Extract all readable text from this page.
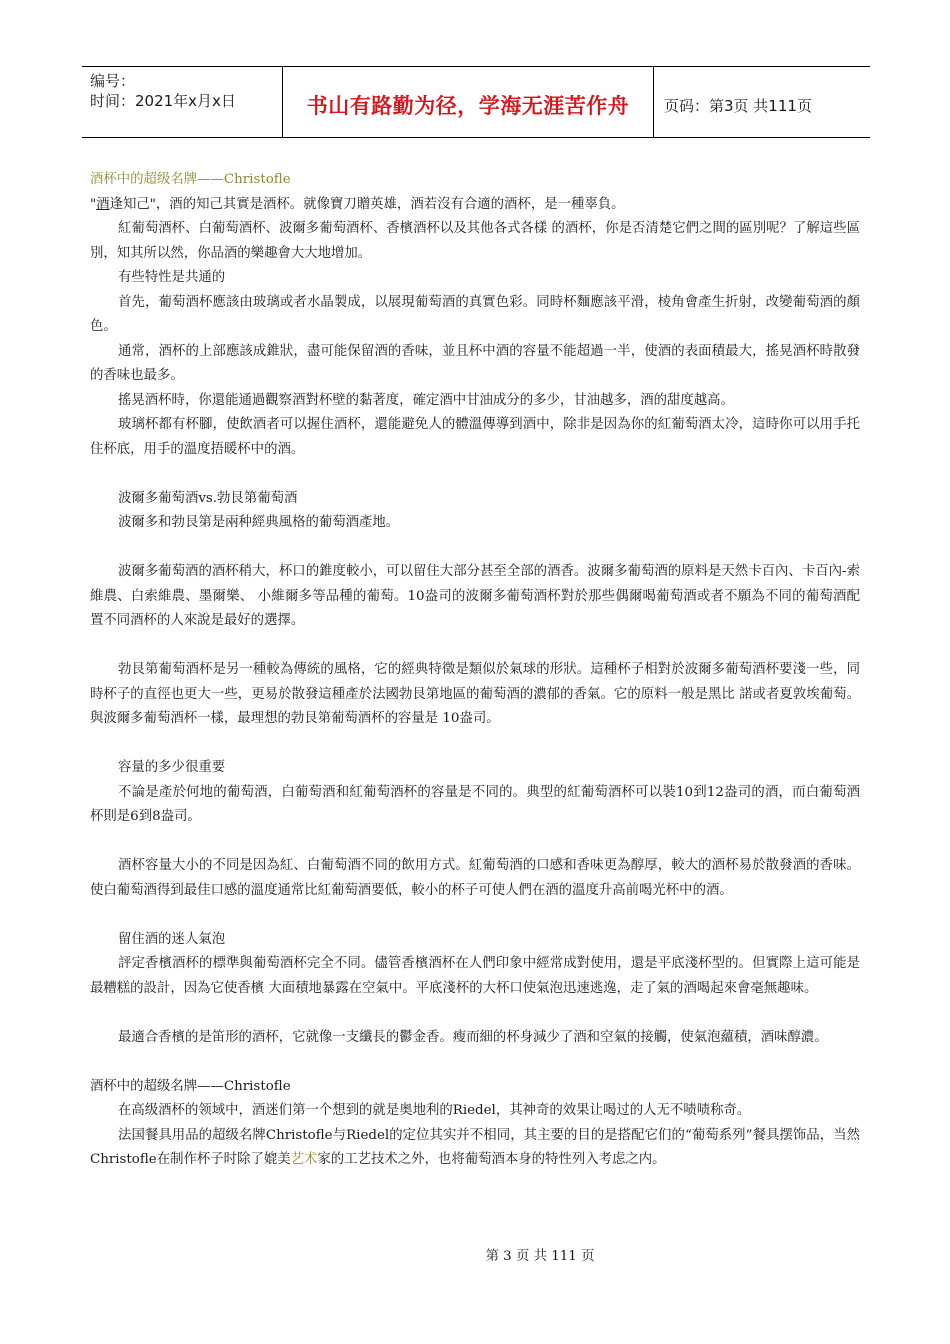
编号：
时间：2021年x月x日	书山有路勤为径，学海无涯苦作舟 页码：第3页 共111页

酒杯中的超级名牌——Christofle

"酒逢知己"，酒的知己其實是酒杯。就像寶刀贈英雄，酒若沒有合適的酒杯，是一種辜負。

紅葡萄酒杯、白葡萄酒杯、波爾多葡萄酒杯、香檳酒杯以及其他各式各樣 的酒杯，你是否清楚它們之間的區別呢？了解這些區別，知其所以然，你品酒的樂趣會大大地增加。

有些特性是共通的

首先，葡萄酒杯應該由玻璃或者水晶製成，以展現葡萄酒的真實色彩。同時杯麵應該平滑，棱角會產生折射，改變葡萄酒的顏色。

通常，酒杯的上部應該成錐狀，盡可能保留酒的香味，並且杯中酒的容量不能超過一半，使酒的表面積最大，搖晃酒杯時散發的香味也最多。

搖晃酒杯時，你還能通過觀察酒對杯壁的黏著度，確定酒中甘油成分的多少，甘油越多，酒的甜度越高。

玻璃杯都有杯腳，使飲酒者可以握住酒杯，還能避免人的體溫傳導到酒中，除非是因為你的紅葡萄酒太冷，這時你可以用手托住杯底，用手的溫度捂暖杯中的酒。

波爾多葡萄酒vs.勃艮第葡萄酒

波爾多和勃艮第是兩种經典風格的葡萄酒產地。

波爾多葡萄酒的酒杯稍大，杯口的錐度較小，可以留住大部分甚至全部的酒香。波爾多葡萄酒的原料是天然卡百內、卡百內-索維農、白索維農、墨爾樂、 小維爾多等品種的葡萄。10盎司的波爾多葡萄酒杯對於那些偶爾喝葡萄酒或者不願為不同的葡萄酒配置不同酒杯的人來說是最好的選擇。

勃艮第葡萄酒杯是另一種較為傳統的風格，它的經典特徵是類似於氣球的形狀。這種杯子相對於波爾多葡萄酒杯要淺一些，同時杯子的直徑也更大一些，更易於散發這種產於法國勃艮第地區的葡萄酒的濃郁的香氣。它的原料一般是黑比 諾或者夏敦埃葡萄。與波爾多葡萄酒杯一樣，最理想的勃艮第葡萄酒杯的容量是 10盎司。

容量的多少很重要

不論是產於何地的葡萄酒，白葡萄酒和紅葡萄酒杯的容量是不同的。典型的紅葡萄酒杯可以裝10到12盎司的酒，而白葡萄酒杯則是6到8盎司。

酒杯容量大小的不同是因為紅、白葡萄酒不同的飲用方式。紅葡萄酒的口感和香味更為醇厚，較大的酒杯易於散發酒的香味。使白葡萄酒得到最佳口感的溫度通常比紅葡萄酒要低，較小的杯子可使人們在酒的溫度升高前喝光杯中的酒。

留住酒的迷人氣泡

評定香檳酒杯的標準與葡萄酒杯完全不同。儘管香檳酒杯在人們印象中經常成對使用，還是平底淺杯型的。但實際上這可能是最糟糕的設計，因為它使香檳 大面積地暴露在空氣中。平底淺杯的大杯口使氣泡迅速逃逸，走了氣的酒喝起來會毫無趣味。

最適合香檳的是笛形的酒杯，它就像一支纖長的鬱金香。瘦而細的杯身減少了酒和空氣的接觸，使氣泡蘊積，酒味醇濃。

酒杯中的超级名牌——Christofle

在高级酒杯的领域中，酒迷们第一个想到的就是奥地利的Riedel，其神奇的效果让喝过的人无不啧啧称奇。

法国餐具用品的超级名牌Christofle与Riedel的定位其实并不相同，其主要的目的是搭配它们的“葡萄系列”餐具摆饰品，当然Christofle在制作杯子时除了媲美艺术家的工艺技术之外，也将葡萄酒本身的特性列入考虑之内。

第 3 页 共 111 页
